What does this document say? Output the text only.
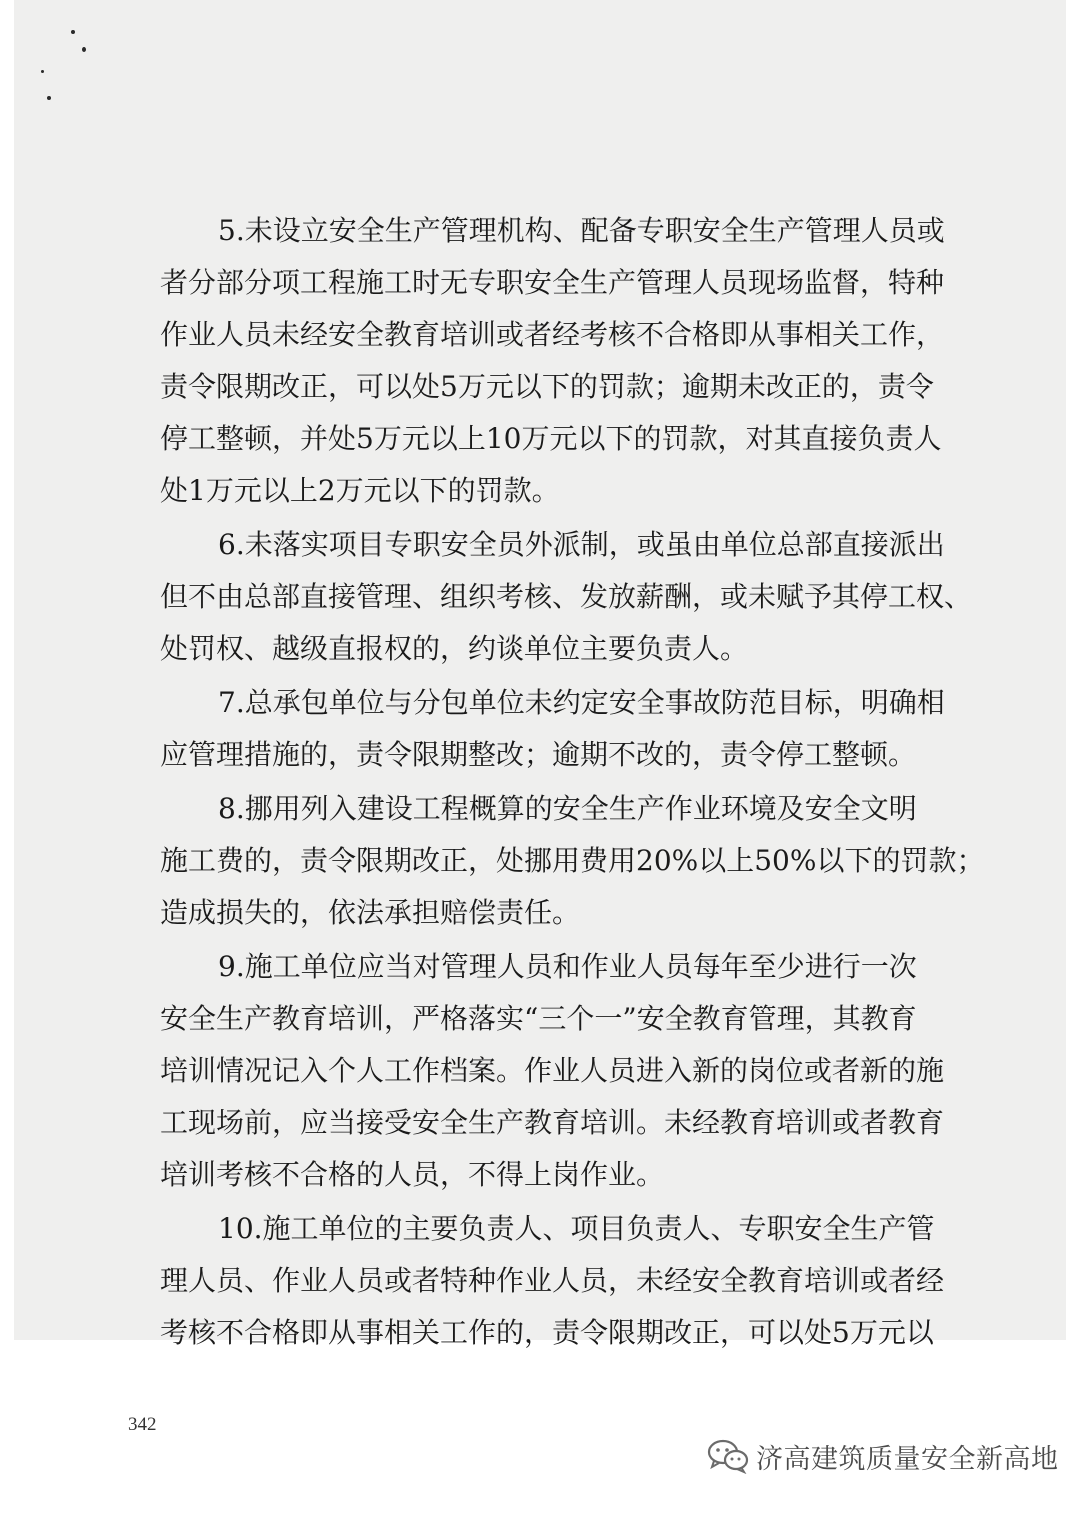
5.未设立安全生产管理机构、配备专职安全生产管理人员或
者分部分项工程施工时无专职安全生产管理人员现场监督，特种
作业人员未经安全教育培训或者经考核不合格即从事相关工作，
责令限期改正，可以处5万元以下的罚款；逾期未改正的，责令
停工整顿，并处5万元以上10万元以下的罚款，对其直接负责人
处1万元以上2万元以下的罚款。
6.未落实项目专职安全员外派制，或虽由单位总部直接派出
但不由总部直接管理、组织考核、发放薪酬，或未赋予其停工权、
处罚权、越级直报权的，约谈单位主要负责人。
7.总承包单位与分包单位未约定安全事故防范目标，明确相
应管理措施的，责令限期整改；逾期不改的，责令停工整顿。
8.挪用列入建设工程概算的安全生产作业环境及安全文明
施工费的，责令限期改正，处挪用费用20%以上50%以下的罚款；
造成损失的，依法承担赔偿责任。
9.施工单位应当对管理人员和作业人员每年至少进行一次
安全生产教育培训，严格落实“三个一”安全教育管理，其教育
培训情况记入个人工作档案。作业人员进入新的岗位或者新的施
工现场前，应当接受安全生产教育培训。未经教育培训或者教育
培训考核不合格的人员，不得上岗作业。
10.施工单位的主要负责人、项目负责人、专职安全生产管
理人员、作业人员或者特种作业人员，未经安全教育培训或者经
考核不合格即从事相关工作的，责令限期改正，可以处5万元以
342
济高建筑质量安全新高地
